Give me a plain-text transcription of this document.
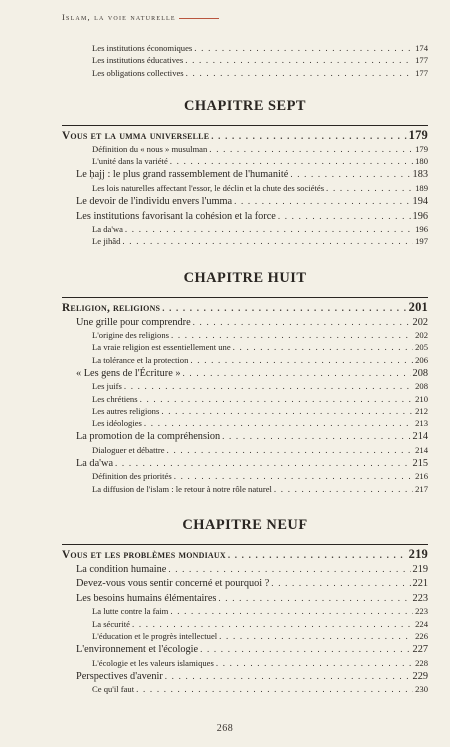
Islam, la voie naturelle
Les institutions économiques . . .	174
Les institutions éducatives . . .	177
Les obligations collectives . . .	177
CHAPITRE SEPT
Vous et la umma universelle . . .	179
Définition du « nous » musulman . . .	179
L'unité dans la variété . . .	180
Le ḥajj : le plus grand rassemblement de l'humanité . . .	183
Les lois naturelles affectant l'essor, le déclin et la chute des sociétés . . .	189
Le devoir de l'individu envers l'umma . . .	194
Les institutions favorisant la cohésion et la force . . .	196
La da'wa . . .	196
Le jihâd . . .	197
CHAPITRE HUIT
Religion, religions . . .	201
Une grille pour comprendre . . .	202
L'origine des religions . . .	202
La vraie religion est essentiellement une . . .	205
La tolérance et la protection . . .	206
« Les gens de l'Écriture » . . .	208
Les juifs . . .	208
Les chrétiens . . .	210
Les autres religions . . .	212
Les idéologies . . .	213
La promotion de la compréhension . . .	214
Dialoguer et débattre . . .	214
La da'wa . . .	215
Définition des priorités . . .	216
La diffusion de l'islam : le retour à notre rôle naturel . . .	217
CHAPITRE NEUF
Vous et les problèmes mondiaux . . .	219
La condition humaine . . .	219
Devez-vous vous sentir concerné et pourquoi ? . . .	221
Les besoins humains élémentaires . . .	223
La lutte contre la faim . . .	223
La sécurité . . .	224
L'éducation et le progrès intellectuel . . .	226
L'environnement et l'écologie . . .	227
L'écologie et les valeurs islamiques . . .	228
Perspectives d'avenir . . .	229
Ce qu'il faut . . .	230
268
